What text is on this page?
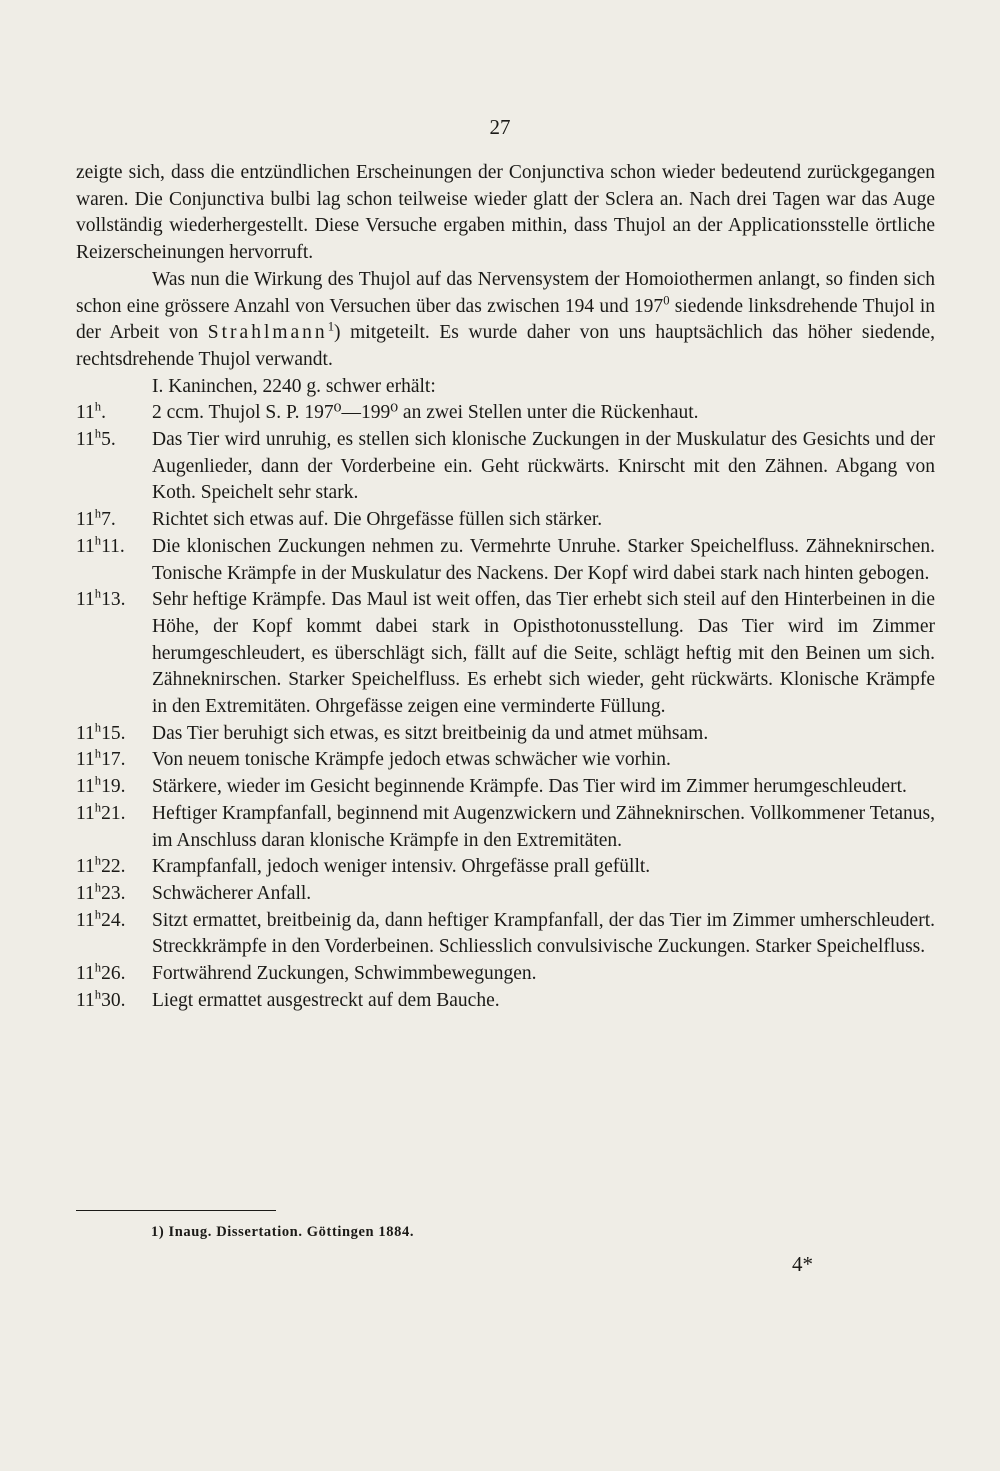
27

zeigte sich, dass die entzündlichen Erscheinungen der Conjunctiva schon wieder bedeutend zurückgegangen waren. Die Conjunctiva bulbi lag schon teilweise wieder glatt der Sclera an. Nach drei Tagen war das Auge vollständig wiederhergestellt. Diese Versuche ergaben mithin, dass Thujol an der Applicationsstelle örtliche Reizerscheinungen hervorruft.

Was nun die Wirkung des Thujol auf das Nervensystem der Homoiothermen anlangt, so finden sich schon eine grössere Anzahl von Versuchen über das zwischen 194 und $197^0$ siedende linksdrehende Thujol in der Arbeit von Strahlmann$^1$) mitgeteilt. Es wurde daher von uns hauptsächlich das höher siedende, rechtsdrehende Thujol verwandt.

I. Kaninchen, 2240 g. schwer erhält:
11$^h$.	2 ccm. Thujol S. P. 197⁰—199⁰ an zwei Stellen unter die Rückenhaut.
11$^h$5.	Das Tier wird unruhig, es stellen sich klonische Zuckungen in der Muskulatur des Gesichts und der Augenlieder, dann der Vorderbeine ein. Geht rückwärts. Knirscht mit den Zähnen. Abgang von Koth. Speichelt sehr stark.
11$^h$7.	Richtet sich etwas auf. Die Ohrgefässe füllen sich stärker.
11$^h$11.	Die klonischen Zuckungen nehmen zu. Vermehrte Unruhe. Starker Speichelfluss. Zähneknirschen. Tonische Krämpfe in der Muskulatur des Nackens. Der Kopf wird dabei stark nach hinten gebogen.
11$^h$13.	Sehr heftige Krämpfe. Das Maul ist weit offen, das Tier erhebt sich steil auf den Hinterbeinen in die Höhe, der Kopf kommt dabei stark in Opisthotonusstellung. Das Tier wird im Zimmer herumgeschleudert, es überschlägt sich, fällt auf die Seite, schlägt heftig mit den Beinen um sich. Zähneknirschen. Starker Speichelfluss. Es erhebt sich wieder, geht rückwärts. Klonische Krämpfe in den Extremitäten. Ohrgefässe zeigen eine verminderte Füllung.
11$^h$15.	Das Tier beruhigt sich etwas, es sitzt breitbeinig da und atmet mühsam.
11$^h$17.	Von neuem tonische Krämpfe jedoch etwas schwächer wie vorhin.
11$^h$19.	Stärkere, wieder im Gesicht beginnende Krämpfe. Das Tier wird im Zimmer herumgeschleudert.
11$^h$21.	Heftiger Krampfanfall, beginnend mit Augenzwickern und Zähneknirschen. Vollkommener Tetanus, im Anschluss daran klonische Krämpfe in den Extremitäten.
11$^h$22.	Krampfanfall, jedoch weniger intensiv. Ohrgefässe prall gefüllt.
11$^h$23.	Schwächerer Anfall.
11$^h$24.	Sitzt ermattet, breitbeinig da, dann heftiger Krampfanfall, der das Tier im Zimmer umherschleudert. Streckkrämpfe in den Vorderbeinen. Schliesslich convulsivische Zuckungen. Starker Speichelfluss.
11$^h$26.	Fortwährend Zuckungen, Schwimmbewegungen.
11$^h$30.	Liegt ermattet ausgestreckt auf dem Bauche.
1) Inaug. Dissertation. Göttingen 1884.
4*
